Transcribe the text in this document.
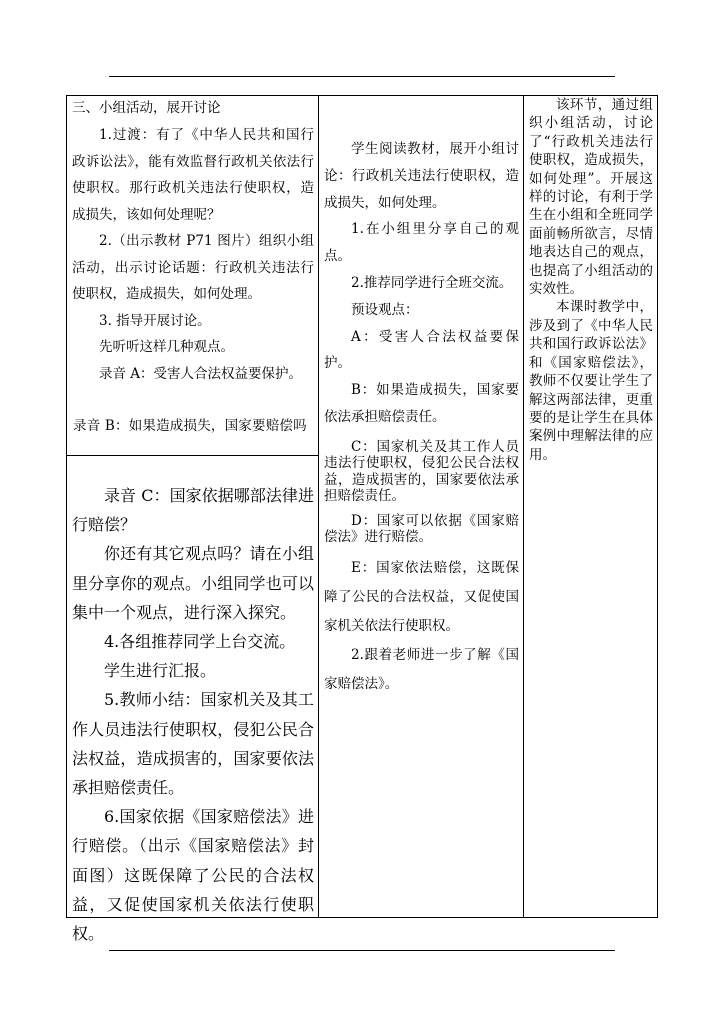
三、小组活动，展开讨论

1.过渡：有了《中华人民共和国行政诉讼法》，能有效监督行政机关依法行使职权。那行政机关违法行使职权，造成损失，该如何处理呢？

2.（出示教材 P71 图片）组织小组活动，出示讨论话题：行政机关违法行使职权，造成损失，如何处理。

3. 指导开展讨论。

先听听这样几种观点。

录音 A：受害人合法权益要保护。

录音 B：如果造成损失，国家要赔偿吗

录音 C：国家依据哪部法律进行赔偿？

你还有其它观点吗？请在小组里分享你的观点。小组同学也可以集中一个观点，进行深入探究。

4.各组推荐同学上台交流。

学生进行汇报。

5.教师小结：国家机关及其工作人员违法行使职权，侵犯公民合法权益，造成损害的，国家要依法承担赔偿责任。

6.国家依据《国家赔偿法》进行赔偿。（出示《国家赔偿法》封面图）这既保障了公民的合法权益，又促使国家机关依法行使职权。

学生阅读教材，展开小组讨论：行政机关违法行使职权，造成损失，如何处理。

1.在小组里分享自己的观点。

2.推荐同学进行全班交流。

预设观点：

A：受害人合法权益要保护。

B：如果造成损失，国家要依法承担赔偿责任。

C：国家机关及其工作人员违法行使职权，侵犯公民合法权益，造成损害的，国家要依法承担赔偿责任。

D：国家可以依据《国家赔偿法》进行赔偿。

E：国家依法赔偿，这既保障了公民的合法权益，又促使国家机关依法行使职权。

2.跟着老师进一步了解《国家赔偿法》。

该环节，通过组织小组活动，讨论了“行政机关违法行使职权，造成损失，如何处理”。开展这样的讨论，有利于学生在小组和全班同学面前畅所欲言，尽情地表达自己的观点，也提高了小组活动的实效性。

本课时教学中，涉及到了《中华人民共和国行政诉讼法》和《国家赔偿法》，教师不仅要让学生了解这两部法律，更重要的是让学生在具体案例中理解法律的应用。
